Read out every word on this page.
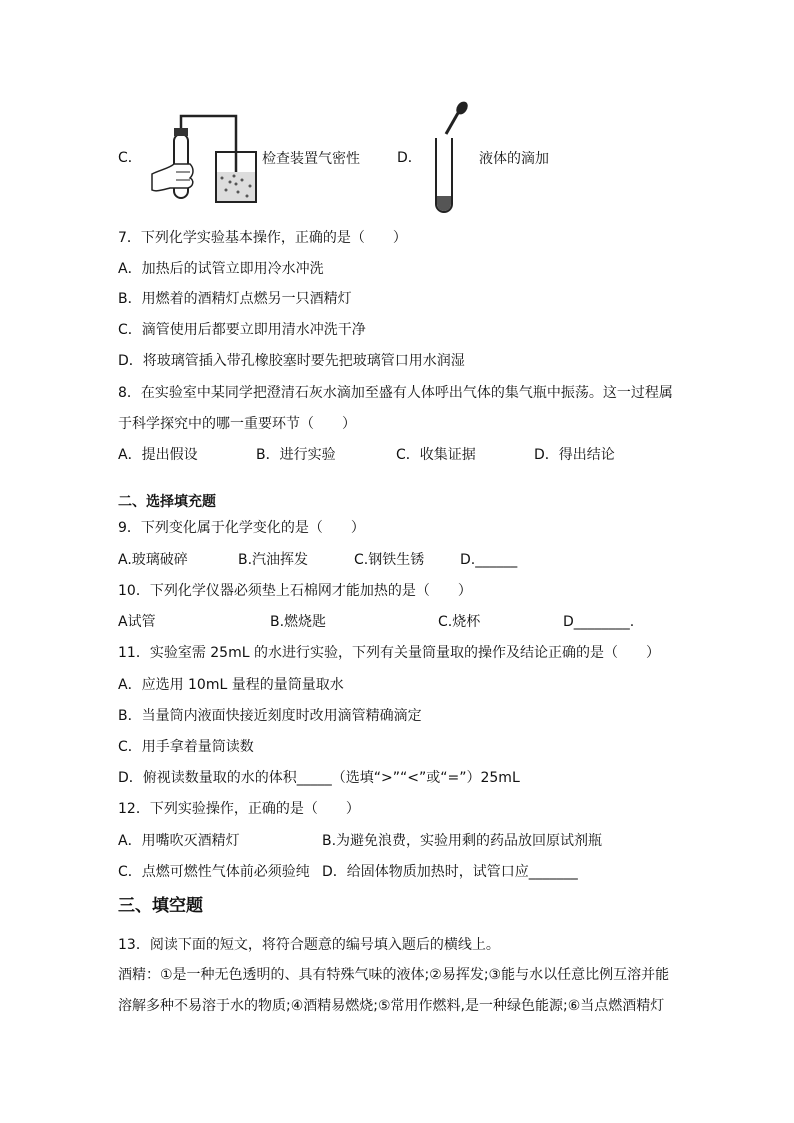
C．	检查装置气密性	D．	液体的滴加
7．下列化学实验基本操作，正确的是（　　）
A．加热后的试管立即用冷水冲洗
B．用燃着的酒精灯点燃另一只酒精灯
C．滴管使用后都要立即用清水冲洗干净
D．将玻璃管插入带孔橡胶塞时要先把玻璃管口用水润湿
8．在实验室中某同学把澄清石灰水滴加至盛有人体呼出气体的集气瓶中振荡。这一过程属
于科学探究中的哪一重要环节（　　）
A．提出假设	B．进行实验	C．收集证据	D．得出结论
二、选择填充题
9．下列变化属于化学变化的是（　　）
A.玻璃破碎	B.汽油挥发	C.钢铁生锈	D.______
10．下列化学仪器必须垫上石棉网才能加热的是（　　）
A试管	B.燃烧匙	C.烧杯	D________.
11．实验室需 25mL 的水进行实验，下列有关量筒量取的操作及结论正确的是（　　）
A．应选用 10mL 量程的量筒量取水
B．当量筒内液面快接近刻度时改用滴管精确滴定
C．用手拿着量筒读数
D．俯视读数量取的水的体积_____（选填“>”“<”或“=”）25mL
12．下列实验操作，正确的是（　　）
A．用嘴吹灭酒精灯	B.为避免浪费，实验用剩的药品放回原试剂瓶
C．点燃可燃性气体前必须验纯 D．给固体物质加热时，试管口应_______
三、填空题
13．阅读下面的短文，将符合题意的编号填入题后的横线上。
酒精：①是一种无色透明的、具有特殊气味的液体;②易挥发;③能与水以任意比例互溶并能
溶解多种不易溶于水的物质;④酒精易燃烧;⑤常用作燃料,是一种绿色能源;⑥当点燃酒精灯
